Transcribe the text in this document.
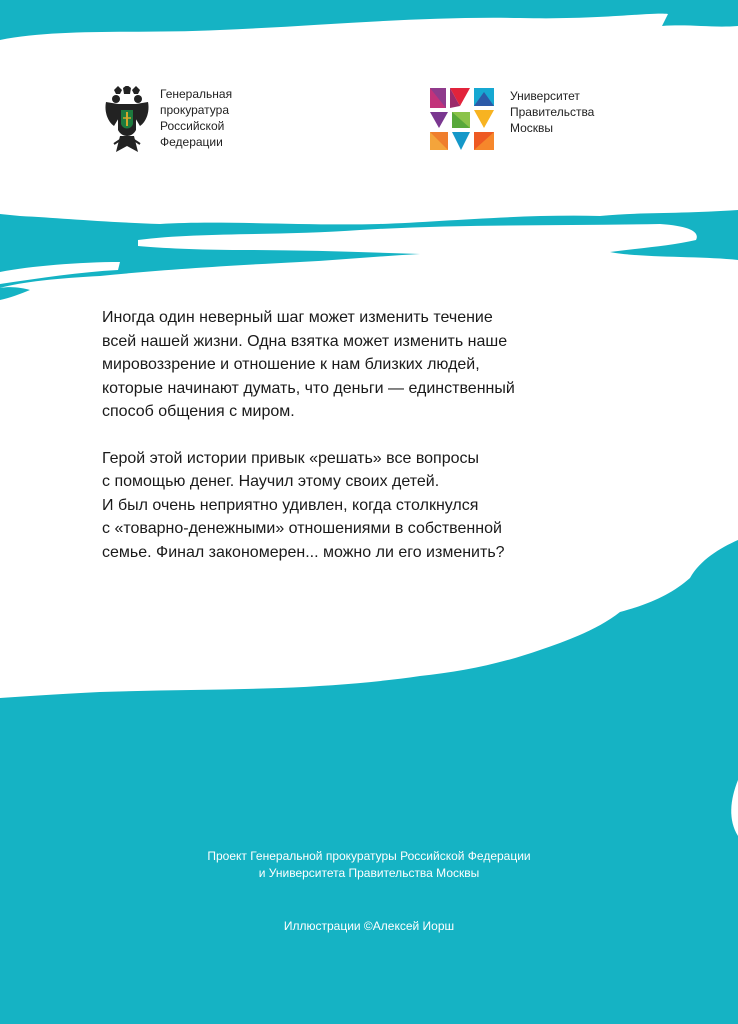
Генеральная
прокуратура
Российской
Федерации
Университет
Правительства
Москвы

Иногда один неверный шаг может изменить течение
всей нашей жизни. Одна взятка может изменить наше
мировоззрение и отношение к нам близких людей,
которые начинают думать, что деньги — единственный
способ общения с миром.

Герой этой истории привык «решать» все вопросы
с помощью денег. Научил этому своих детей.
И был очень неприятно удивлен, когда столкнулся
с «товарно-денежными» отношениями в собственной
семье. Финал закономерен... можно ли его изменить?

Проект Генеральной прокуратуры Российской Федерации
и Университета Правительства Москвы
Иллюстрации ©Алексей Иорш
